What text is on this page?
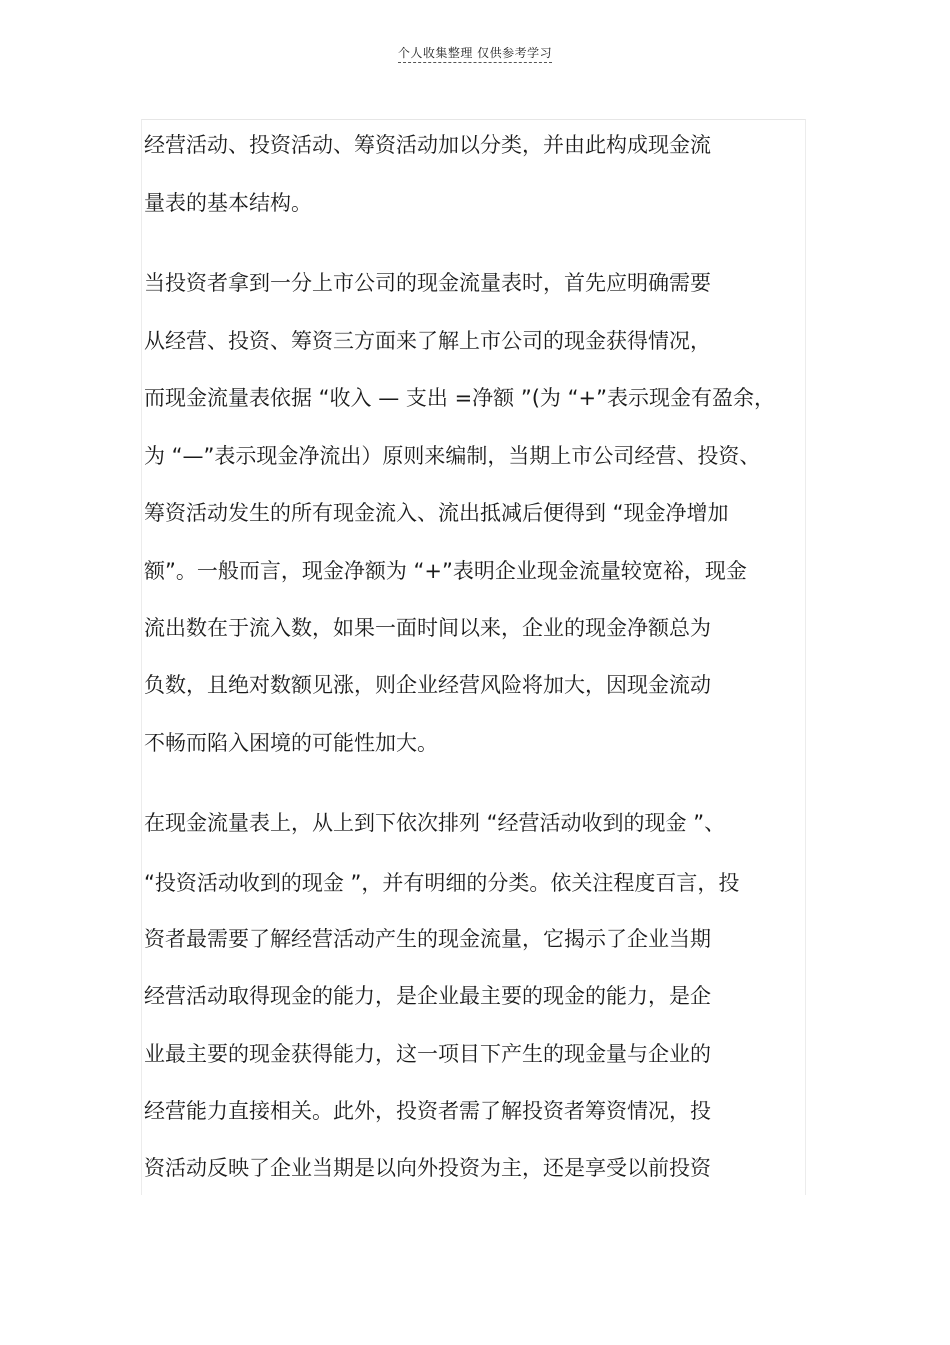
个人收集整理 仅供参考学习
经营活动、投资活动、筹资活动加以分类，并由此构成现金流
量表的基本结构。
当投资者拿到一分上市公司的现金流量表时，首先应明确需要
从经营、投资、筹资三方面来了解上市公司的现金获得情况，
而现金流量表依据 “收入 — 支出 =净额 ”(为 “+”表示现金有盈余，
为 “—”表示现金净流出）原则来编制，当期上市公司经营、投资、
筹资活动发生的所有现金流入、流出抵减后便得到 “现金净增加
额”。一般而言，现金净额为 “+”表明企业现金流量较宽裕，现金
流出数在于流入数，如果一面时间以来，企业的现金净额总为
负数，且绝对数额见涨，则企业经营风险将加大，因现金流动
不畅而陷入困境的可能性加大。
在现金流量表上，从上到下依次排列 “经营活动收到的现金 ”、
“投资活动收到的现金 ”，并有明细的分类。依关注程度百言，投
资者最需要了解经营活动产生的现金流量，它揭示了企业当期
经营活动取得现金的能力，是企业最主要的现金的能力，是企
业最主要的现金获得能力，这一项目下产生的现金量与企业的
经营能力直接相关。此外，投资者需了解投资者筹资情况，投
资活动反映了企业当期是以向外投资为主，还是享受以前投资
